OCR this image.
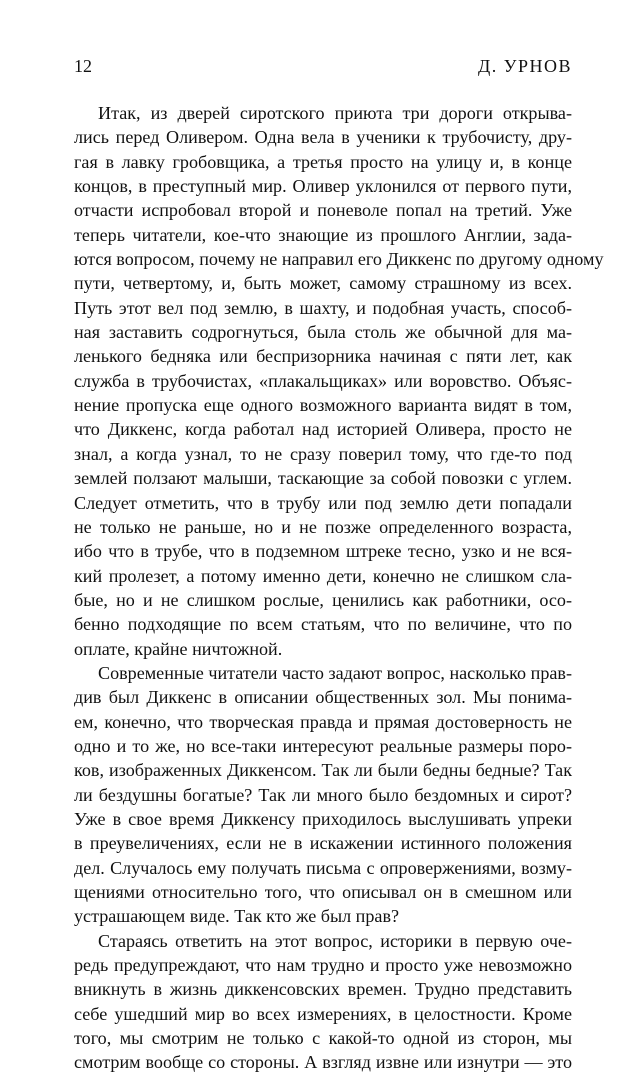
12	Д. УРНОВ
Итак, из дверей сиротского приюта три дороги открыва-
лись перед Оливером. Одна вела в ученики к трубочисту, дру-
гая в лавку гробовщика, а третья просто на улицу и, в конце
концов, в преступный мир. Оливер уклонился от первого пути,
отчасти испробовал второй и поневоле попал на третий. Уже
теперь читатели, кое-что знающие из прошлого Англии, зада-
ются вопросом, почему не направил его Диккенс по другому одному
пути, четвертому, и, быть может, самому страшному из всех.
Путь этот вел под землю, в шахту, и подобная участь, способ-
ная заставить содрогнуться, была столь же обычной для ма-
ленького бедняка или беспризорника начиная с пяти лет, как
служба в трубочистах, «плакальщиках» или воровство. Объяс-
нение пропуска еще одного возможного варианта видят в том,
что Диккенс, когда работал над историей Оливера, просто не
знал, а когда узнал, то не сразу поверил тому, что где-то под
землей ползают малыши, таскающие за собой повозки с углем.
Следует отметить, что в трубу или под землю дети попадали
не только не раньше, но и не позже определенного возраста,
ибо что в трубе, что в подземном штреке тесно, узко и не вся-
кий пролезет, а потому именно дети, конечно не слишком сла-
бые, но и не слишком рослые, ценились как работники, осо-
бенно подходящие по всем статьям, что по величине, что по
оплате, крайне ничтожной.
Современные читатели часто задают вопрос, насколько прав-
див был Диккенс в описании общественных зол. Мы понима-
ем, конечно, что творческая правда и прямая достоверность не
одно и то же, но все-таки интересуют реальные размеры поро-
ков, изображенных Диккенсом. Так ли были бедны бедные? Так
ли бездушны богатые? Так ли много было бездомных и сирот?
Уже в свое время Диккенсу приходилось выслушивать упреки
в преувеличениях, если не в искажении истинного положения
дел. Случалось ему получать письма с опровержениями, возму-
щениями относительно того, что описывал он в смешном или
устрашающем виде. Так кто же был прав?
Стараясь ответить на этот вопрос, историки в первую оче-
редь предупреждают, что нам трудно и просто уже невозможно
вникнуть в жизнь диккенсовских времен. Трудно представить
себе ушедший мир во всех измерениях, в целостности. Кроме
того, мы смотрим не только с какой-то одной из сторон, мы
смотрим вообще со стороны. А взгляд извне или изнутри — это
